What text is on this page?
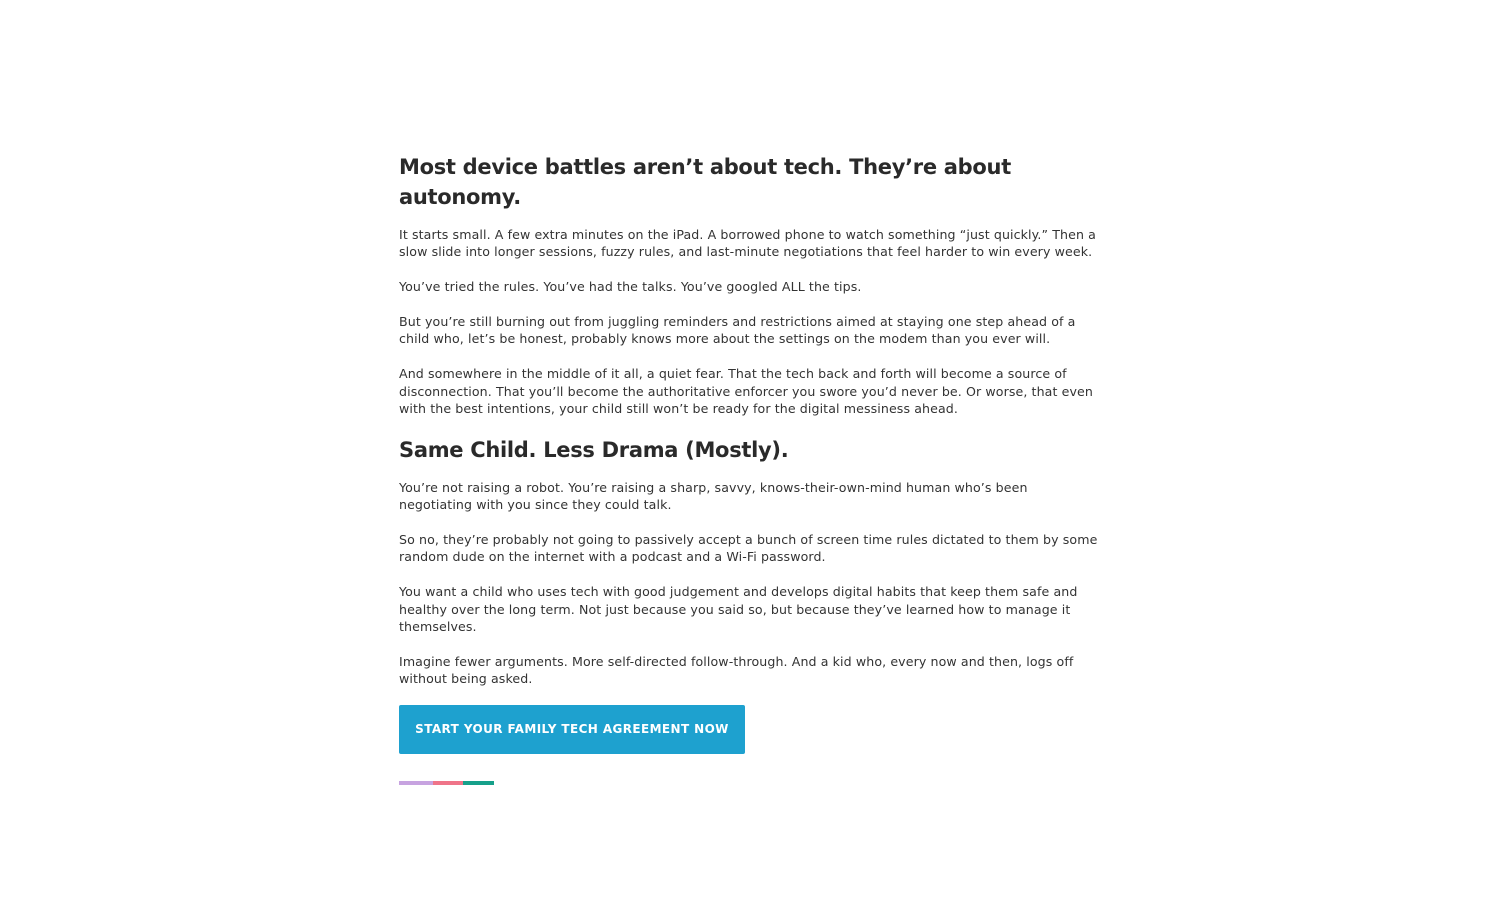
Most device battles aren’t about tech. They’re about autonomy.

It starts small. A few extra minutes on the iPad. A borrowed phone to watch something “just quickly.” Then a slow slide into longer sessions, fuzzy rules, and last-minute negotiations that feel harder to win every week.

You’ve tried the rules. You’ve had the talks. You’ve googled ALL the tips.

But you’re still burning out from juggling reminders and restrictions aimed at staying one step ahead of a child who, let’s be honest, probably knows more about the settings on the modem than you ever will.

And somewhere in the middle of it all, a quiet fear. That the tech back and forth will become a source of disconnection. That you’ll become the authoritative enforcer you swore you’d never be. Or worse, that even with the best intentions, your child still won’t be ready for the digital messiness ahead.

Same Child. Less Drama (Mostly).

You’re not raising a robot. You’re raising a sharp, savvy, knows-their-own-mind human who’s been negotiating with you since they could talk.

So no, they’re probably not going to passively accept a bunch of screen time rules dictated to them by some random dude on the internet with a podcast and a Wi-Fi password.

You want a child who uses tech with good judgement and develops digital habits that keep them safe and healthy over the long term. Not just because you said so, but because they’ve learned how to manage it themselves.

Imagine fewer arguments. More self-directed follow-through. And a kid who, every now and then, logs off without being asked.

START YOUR FAMILY TECH AGREEMENT NOW
